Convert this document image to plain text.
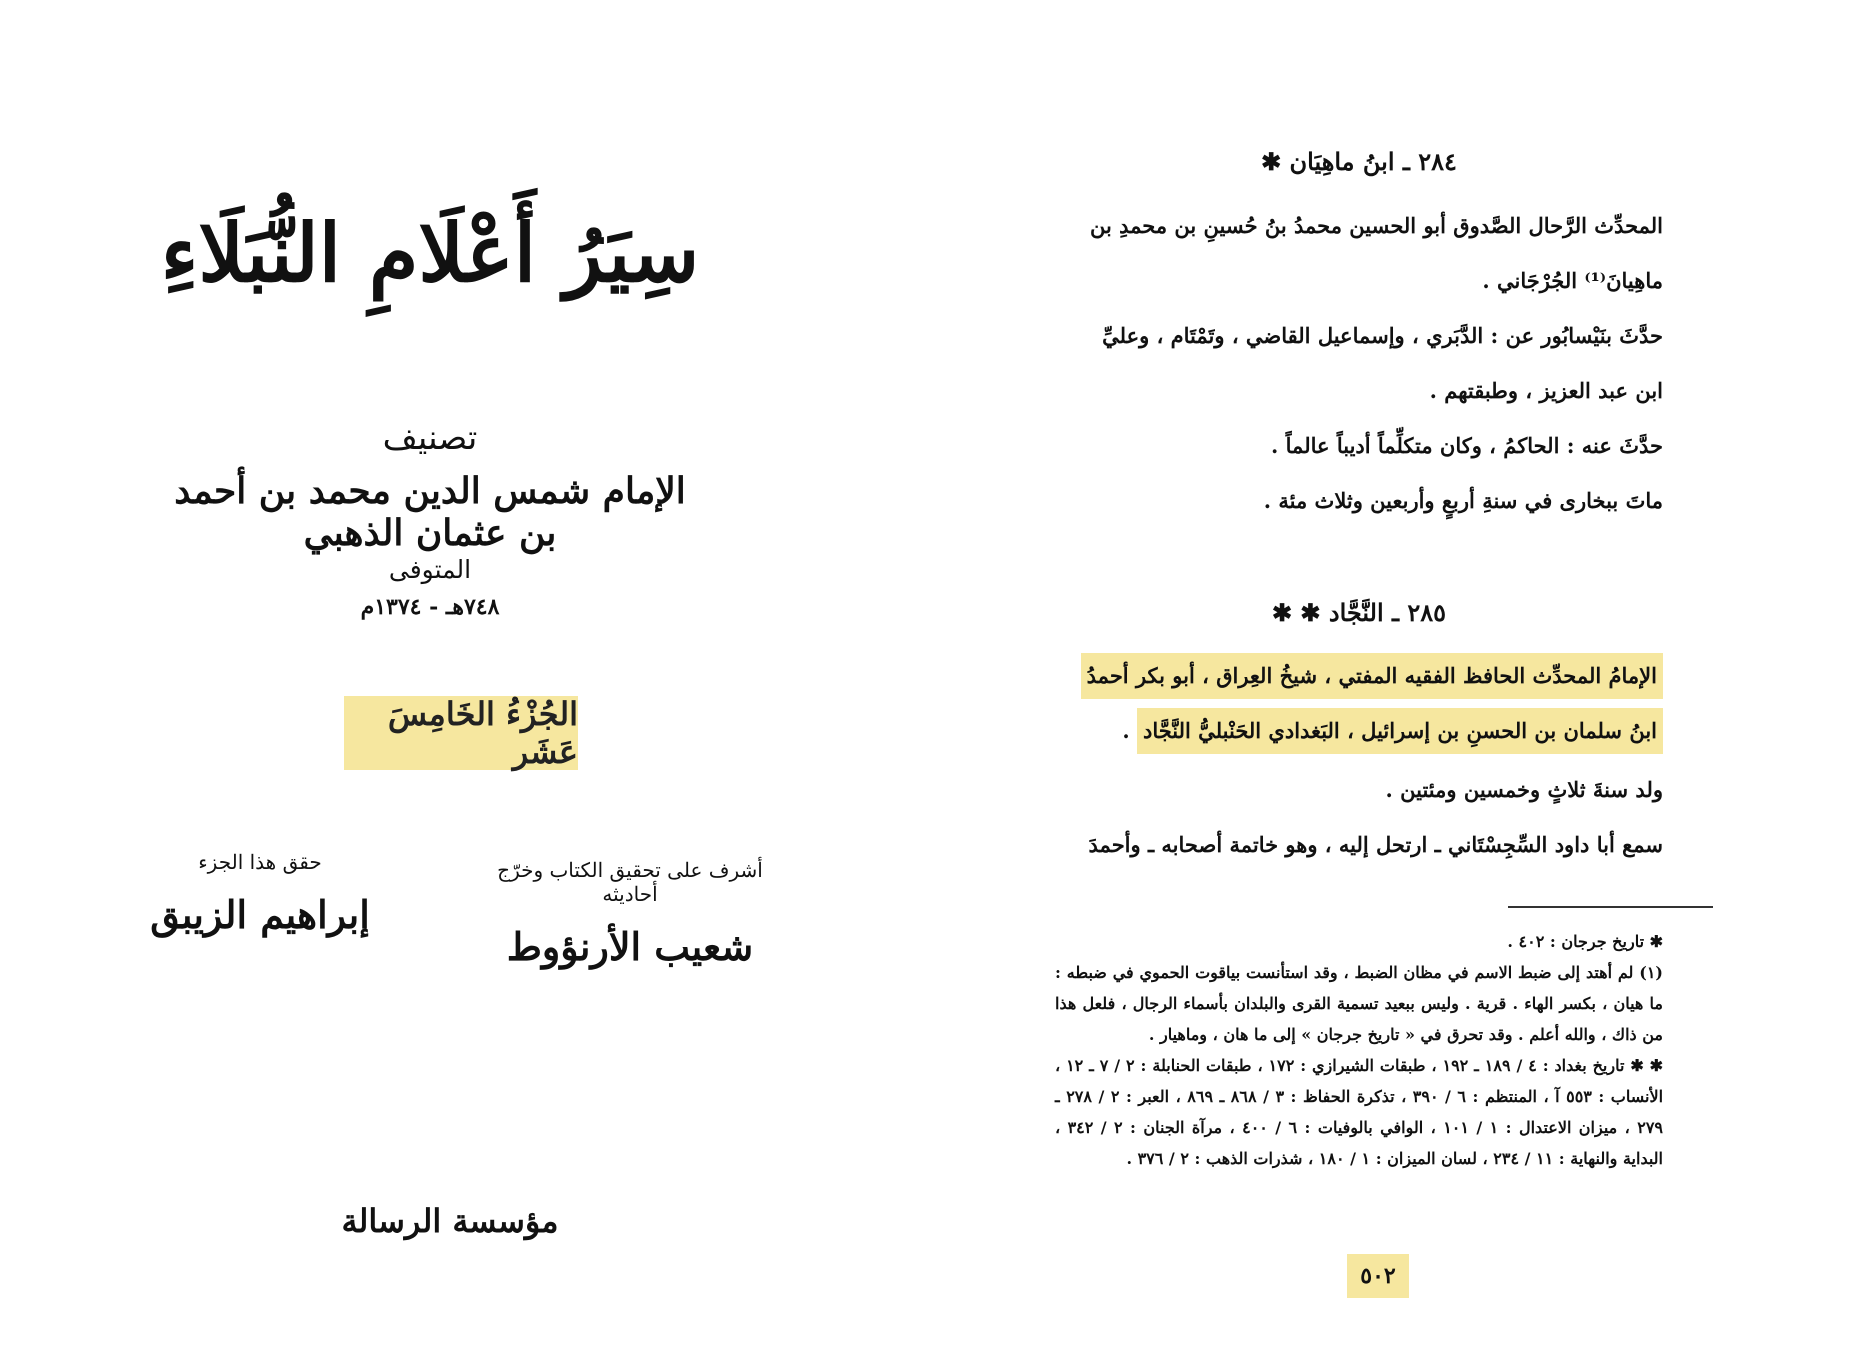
سِيَرُ أَعْلَامِ النُّبَلَاءِ
تصنيف
الإمام شمس الدين محمد بن أحمد بن عثمان الذهبي
المتوفى
٧٤٨هـ - ١٣٧٤م
الجُزْءُ الخَامِسَ عَشَر
أشرف على تحقيق الكتاب وخرّج أحاديثه
شعيب الأرنؤوط
حقق هذا الجزء
إبراهيم الزيبق
مؤسسة الرسالة
٢٨٤ ـ ابنُ ماهِيَان ✱
المحدِّث الرَّحال الصَّدوق أبو الحسين محمدُ بنُ حُسينِ بن محمدِ بن
ماهِيانَ⁽¹⁾ الجُرْجَاني .
حدَّثَ بنَيْسابُور عن : الدَّبَري ، وإسماعيل القاضي ، وتَمْتَام ، وعليِّ
ابن عبد العزيز ، وطبقتهم .
حدَّثَ عنه : الحاكمُ ، وكان متكلِّماً أديباً عالماً .
ماتَ ببخارى في سنةِ أربعٍ وأربعين وثلاث مئة .
٢٨٥ ـ النَّجَّاد ✱ ✱
الإمامُ المحدِّث الحافظ الفقيه المفتي ، شيخُ العِراق ، أبو بكر أحمدُ
ابنُ سلمان بن الحسنِ بن إسرائيل ، البَغدادي الحَنْبليُّ النَّجَّاد .
ولد سنةَ ثلاثٍ وخمسين ومئتين .
سمع أبا داود السِّجِسْتَاني ـ ارتحل إليه ، وهو خاتمة أصحابه ـ وأحمدَ

✱ تاريخ جرجان : ٤٠٢ .

(١) لم أهتد إلى ضبط الاسم في مظان الضبط ، وقد استأنست بياقوت الحموي في ضبطه : ما هيان ، بكسر الهاء . قرية . وليس ببعيد تسمية القرى والبلدان بأسماء الرجال ، فلعل هذا من ذاك ، والله أعلم . وقد تحرق في « تاريخ جرجان » إلى ما هان ، وماهيار .

✱ ✱ تاريخ بغداد : ٤ / ١٨٩ ـ ١٩٢ ، طبقات الشيرازي : ١٧٢ ، طبقات الحنابلة : ٢ / ٧ ـ ١٢ ، الأنساب : ٥٥٣ آ ، المنتظم : ٦ / ٣٩٠ ، تذكرة الحفاظ : ٣ / ٨٦٨ ـ ٨٦٩ ، العبر : ٢ / ٢٧٨ ـ ٢٧٩ ، ميزان الاعتدال : ١ / ١٠١ ، الوافي بالوفيات : ٦ / ٤٠٠ ، مرآة الجنان : ٢ / ٣٤٢ ، البداية والنهاية : ١١ / ٢٣٤ ، لسان الميزان : ١ / ١٨٠ ، شذرات الذهب : ٢ / ٣٧٦ .

٥٠٢
